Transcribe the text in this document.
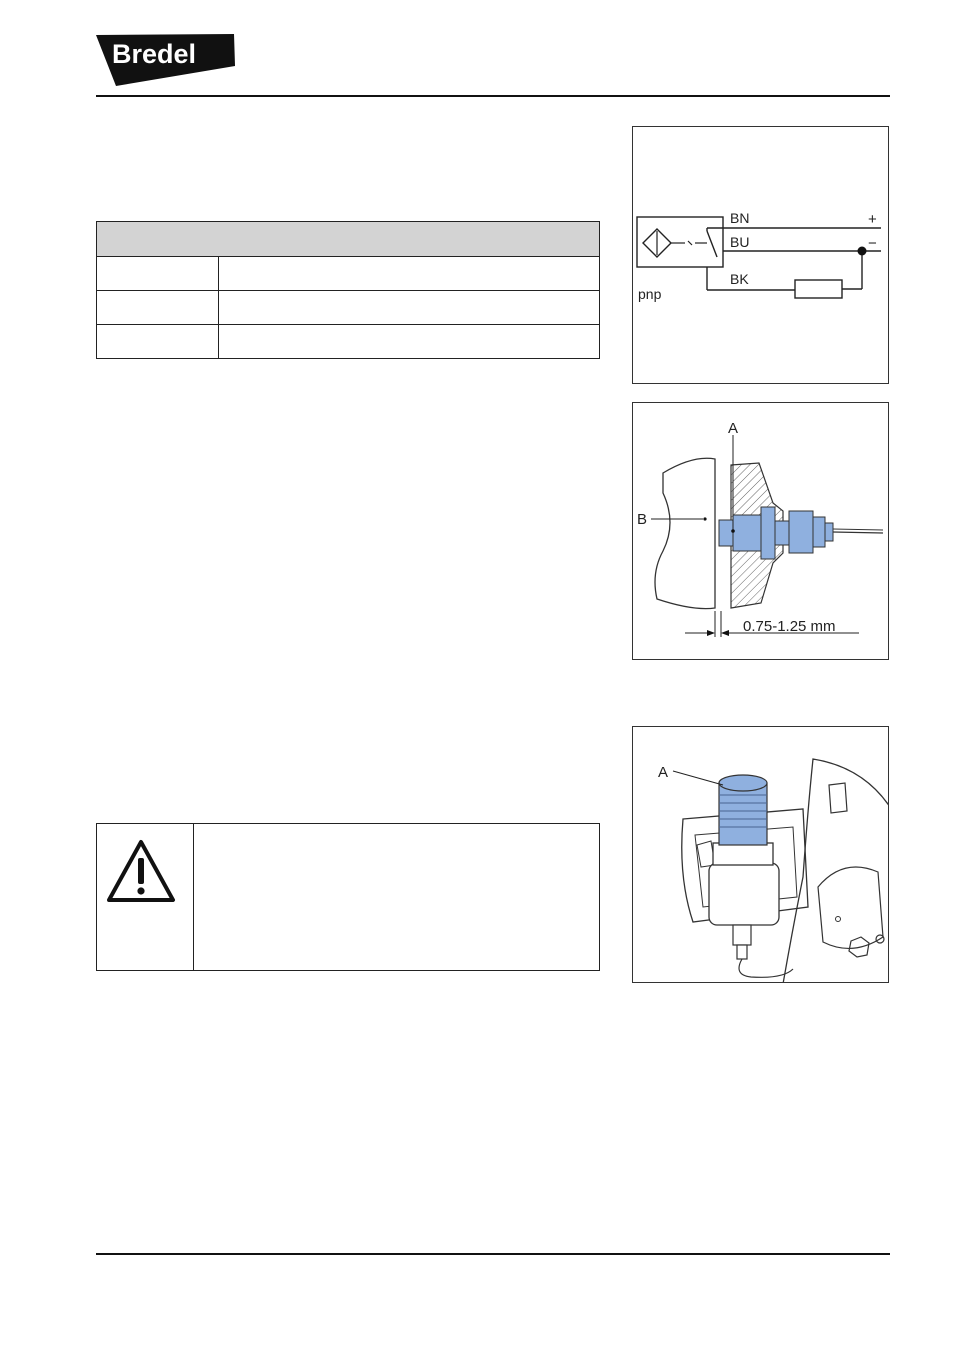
Bredel
BN
BU
BK
+
−
pnp
A
B
0.75-1.25 mm
A
